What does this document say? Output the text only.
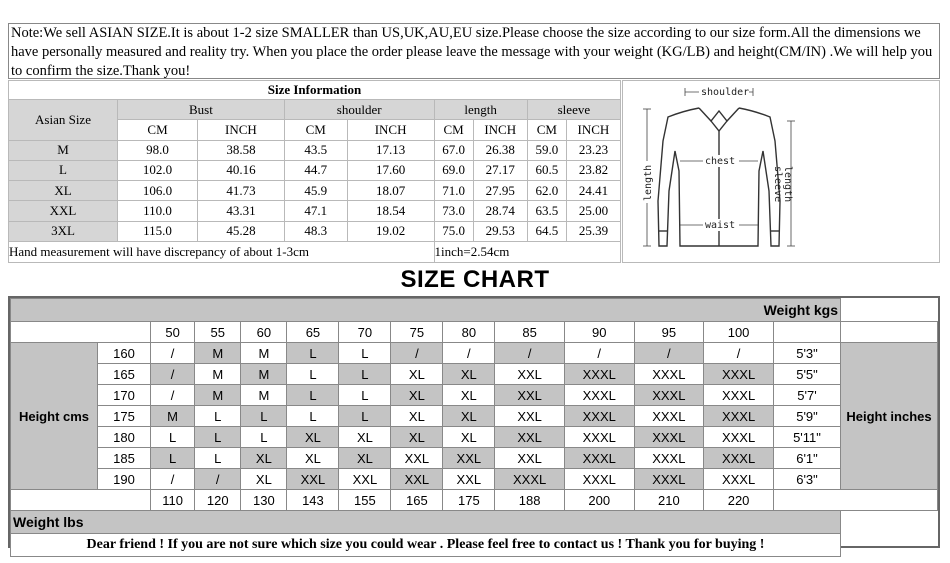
Note:We sell ASIAN SIZE.It is about 1-2 size SMALLER than US,UK,AU,EU size.Please choose the size according to our size form.All the dimensions we have personally measured and reality try. When you place the order please leave the message with your weight (KG/LB) and height(CM/IN) .We will help you to confirm the size.Thank you!
Size Information								
Asian Size	Bust		shoulder		length		sleeve	
	CM	INCH	CM	INCH	CM	INCH	CM	INCH
M	98.0	38.58	43.5	17.13	67.0	26.38	59.0	23.23
L	102.0	40.16	44.7	17.60	69.0	27.17	60.5	23.82
XL	106.0	41.73	45.9	18.07	71.0	27.95	62.0	24.41
XXL	110.0	43.31	47.1	18.54	73.0	28.74	63.5	25.00
3XL	115.0	45.28	48.3	19.02	75.0	29.53	64.5	25.39
Hand measurement will have discrepancy of about 1-3cm					1inch=2.54cm			
shoulder
chest
waist
length	sleeve length
SIZE CHART
Weight kgs														
		50	55	60	65	70	75	80	85	90	95	100		
Height cms	160	/	M	M	L	L	/	/	/	/	/	/	5'3"	Height inches
	165	/	M	M	L	L	XL	XL	XXL	XXXL	XXXL	XXXL	5'5"	
	170	/	M	M	L	L	XL	XL	XXL	XXXL	XXXL	XXXL	5'7'	
	175	M	L	L	L	L	XL	XL	XXL	XXXL	XXXL	XXXL	5'9"	
	180	L	L	L	XL	XL	XL	XL	XXL	XXXL	XXXL	XXXL	5'11"	
	185	L	L	XL	XL	XL	XXL	XXL	XXL	XXXL	XXXL	XXXL	6'1"	
	190	/	/	XL	XXL	XXL	XXL	XXL	XXXL	XXXL	XXXL	XXXL	6'3"	
		110	120	130	143	155	165	175	188	200	210	220		
Weight lbs														
Dear friend ! If you are not sure which size you could wear . Please feel free to contact us ! Thank you for buying !														
